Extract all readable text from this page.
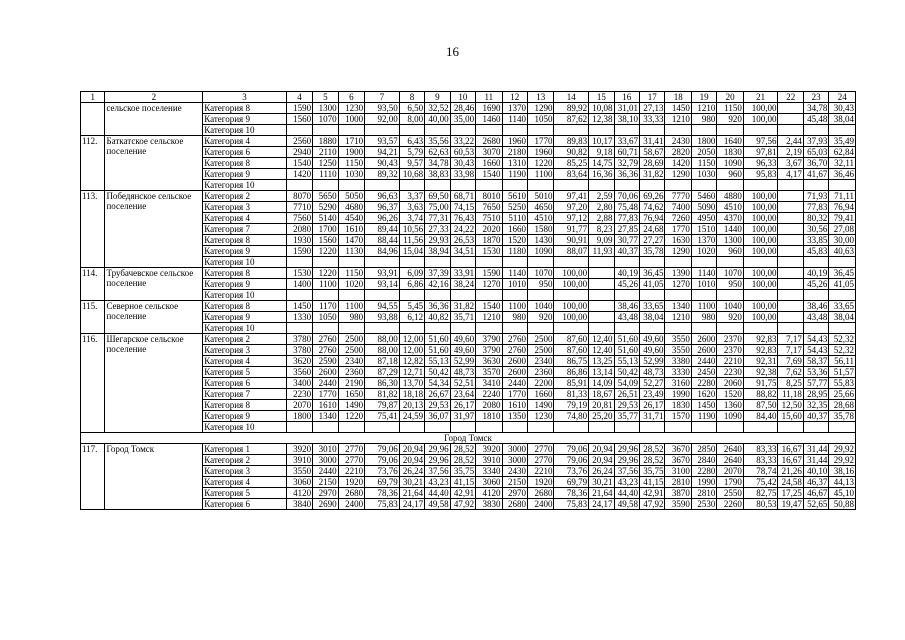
16
1	2	3	4	5	6	7	8	9	10	11	12	13	14	15	16	17	18	19	20	21	22	23	24
	сельское поселение	Категория 8	1590	1300	1230	93,50	6,50	32,52	28,46	1690	1370	1290	89,92	10,08	31,01	27,13	1450	1210	1150	100,00		34,78	30,43
		Категория 9	1560	1070	1000	92,00	8,00	40,00	35,00	1460	1140	1050	87,62	12,38	38,10	33,33	1210	980	920	100,00		45,48	38,04
		Категория 10																					
112.	Баткатское сельское поселение	Категория 4	2560	1880	1710	93,57	6,43	35,56	33,22	2680	1960	1770	89,83	10,17	33,67	31,41	2430	1800	1640	97,56	2,44	37,93	35,49
		Категория 6	2940	2110	1900	94,21	5,79	62,63	60,53	3070	2180	1960	90,82	9,18	60,71	58,67	2820	2050	1830	97,81	2,19	65,03	62,84
		Категория 8	1540	1250	1150	90,43	9,57	34,78	30,43	1660	1310	1220	85,25	14,75	32,79	28,69	1420	1150	1090	96,33	3,67	36,70	32,11
		Категория 9	1420	1110	1030	89,32	10,68	38,83	33,98	1540	1190	1100	83,64	16,36	36,36	31,82	1290	1030	960	95,83	4,17	41,67	36,46
		Категория 10																					
113.	Победянское сельское поселение	Категория 2	8070	5650	5050	96,63	3,37	69,50	68,71	8010	5610	5010	97,41	2,59	70,06	69,26	7770	5460	4880	100,00		71,93	71,11
		Категория 3	7710	5290	4680	96,37	3,63	75,00	74,15	7650	5250	4650	97,20	2,80	75,48	74,62	7400	5090	4510	100,00		77,83	76,94
		Категория 4	7560	5140	4540	96,26	3,74	77,31	76,43	7510	5110	4510	97,12	2,88	77,83	76,94	7260	4950	4370	100,00		80,32	79,41
		Категория 7	2080	1700	1610	89,44	10,56	27,33	24,22	2020	1660	1580	91,77	8,23	27,85	24,68	1770	1510	1440	100,00		30,56	27,08
		Категория 8	1930	1560	1470	88,44	11,56	29,93	26,53	1870	1520	1430	90,91	9,09	30,77	27,27	1630	1370	1300	100,00		33,85	30,00
		Категория 9	1590	1220	1130	84,96	15,04	38,94	34,51	1530	1180	1090	88,07	11,93	40,37	35,78	1290	1020	960	100,00		45,83	40,63
		Категория 10																					
114.	Трубачевское сельское поселение	Категория 8	1530	1220	1150	93,91	6,09	37,39	33,91	1590	1140	1070	100,00		40,19	36,45	1390	1140	1070	100,00		40,19	36,45
		Категория 9	1400	1100	1020	93,14	6,86	42,16	38,24	1270	1010	950	100,00		45,26	41,05	1270	1010	950	100,00		45,26	41,05
		Категория 10																					
115.	Северное сельское поселение	Категория 8	1450	1170	1100	94,55	5,45	36,36	31,82	1540	1100	1040	100,00		38,46	33,65	1340	1100	1040	100,00		38,46	33,65
		Категория 9	1330	1050	980	93,88	6,12	40,82	35,71	1210	980	920	100,00		43,48	38,04	1210	980	920	100,00		43,48	38,04
		Категория 10																					
116.	Шегарское сельское поселение	Категория 2	3780	2760	2500	88,00	12,00	51,60	49,60	3790	2760	2500	87,60	12,40	51,60	49,60	3550	2600	2370	92,83	7,17	54,43	52,32
		Категория 3	3780	2760	2500	88,00	12,00	51,60	49,60	3790	2760	2500	87,60	12,40	51,60	49,60	3550	2600	2370	92,83	7,17	54,43	52,32
		Категория 4	3620	2590	2340	87,18	12,82	55,13	52,99	3630	2600	2340	86,75	13,25	55,13	52,99	3380	2440	2210	92,31	7,69	58,37	56,11
		Категория 5	3560	2600	2360	87,29	12,71	50,42	48,73	3570	2600	2360	86,86	13,14	50,42	48,73	3330	2450	2230	92,38	7,62	53,36	51,57
		Категория 6	3400	2440	2190	86,30	13,70	54,34	52,51	3410	2440	2200	85,91	14,09	54,09	52,27	3160	2280	2060	91,75	8,25	57,77	55,83
		Категория 7	2230	1770	1650	81,82	18,18	26,67	23,64	2240	1770	1660	81,33	18,67	26,51	23,49	1990	1620	1520	88,82	11,18	28,95	25,66
		Категория 8	2070	1610	1490	79,87	20,13	29,53	26,17	2080	1610	1490	79,19	20,81	29,53	26,17	1830	1450	1360	87,50	12,50	32,35	28,68
		Категория 9	1800	1340	1220	75,41	24,59	36,07	31,97	1810	1350	1230	74,80	25,20	35,77	31,71	1570	1190	1090	84,40	15,60	40,37	35,78
		Категория 10																					
Город Томск																							
117.	Город Томск	Категория 1	3920	3010	2770	79,06	20,94	29,96	28,52	3920	3000	2770	79,06	20,94	29,96	28,52	3670	2850	2640	83,33	16,67	31,44	29,92
		Категория 2	3910	3000	2770	79,06	20,94	29,96	28,52	3910	3000	2770	79,06	20,94	29,96	28,52	3670	2840	2640	83,33	16,67	31,44	29,92
		Категория 3	3550	2440	2210	73,76	26,24	37,56	35,75	3340	2430	2210	73,76	26,24	37,56	35,75	3100	2280	2070	78,74	21,26	40,10	38,16
		Категория 4	3060	2150	1920	69,79	30,21	43,23	41,15	3060	2150	1920	69,79	30,21	43,23	41,15	2810	1990	1790	75,42	24,58	46,37	44,13
		Категория 5	4120	2970	2680	78,36	21,64	44,40	42,91	4120	2970	2680	78,36	21,64	44,40	42,91	3870	2810	2550	82,75	17,25	46,67	45,10
		Категория 6	3840	2690	2400	75,83	24,17	49,58	47,92	3830	2680	2400	75,83	24,17	49,58	47,92	3590	2530	2260	80,53	19,47	52,65	50,88
